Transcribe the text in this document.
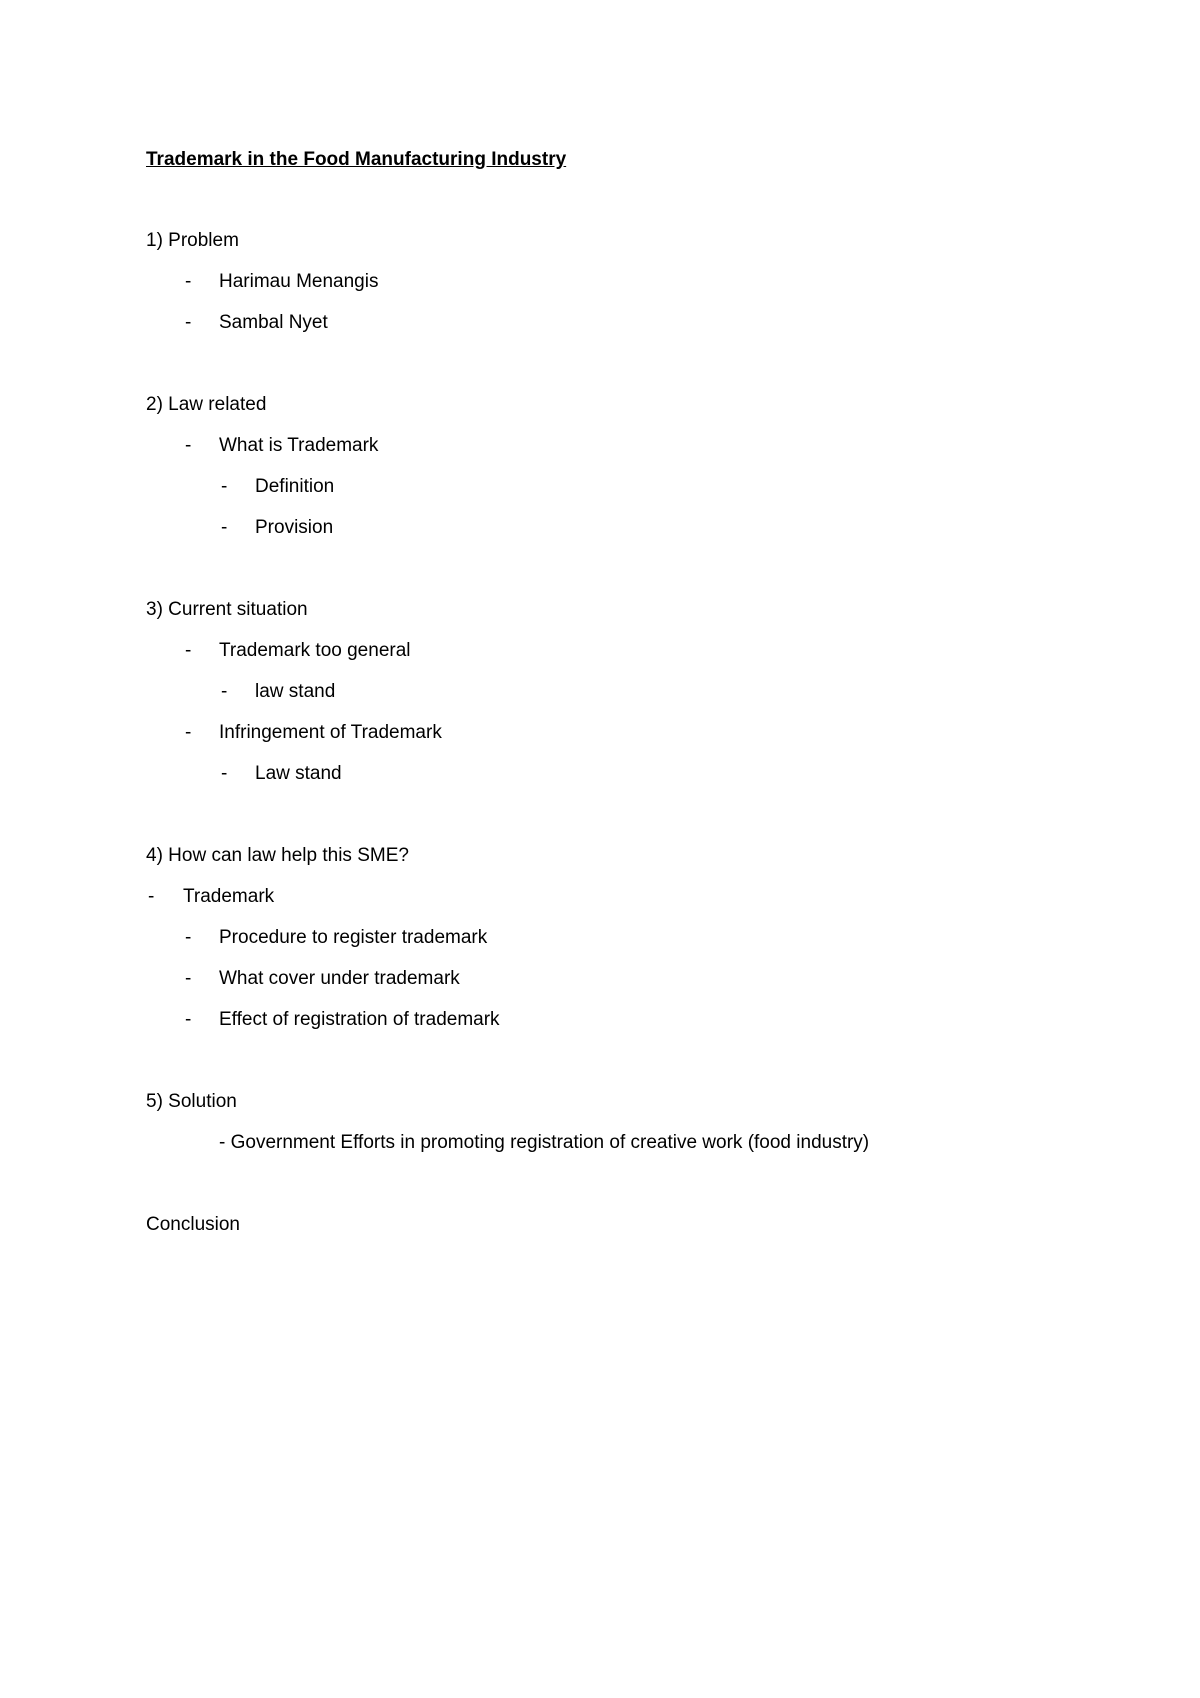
Trademark in the Food Manufacturing Industry
1) Problem
- Harimau Menangis
- Sambal Nyet
2) Law related
- What is Trademark
- Definition
- Provision
3) Current situation
- Trademark too general
- law stand
- Infringement of Trademark
- Law stand
4) How can law help this SME?
- Trademark
- Procedure to register trademark
- What cover under trademark
- Effect of registration of trademark
5) Solution
- Government Efforts in promoting registration of creative work (food industry)
Conclusion
